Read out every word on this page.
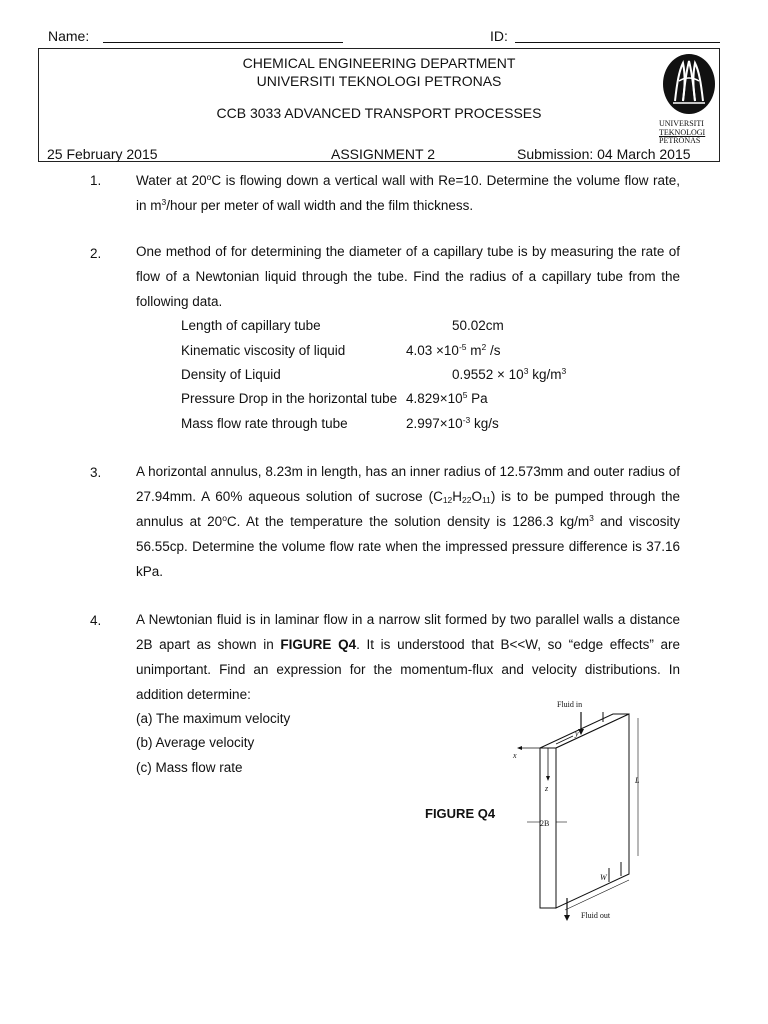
Name:	ID:
CHEMICAL ENGINEERING DEPARTMENT
UNIVERSITI TEKNOLOGI PETRONAS
CCB 3033 ADVANCED TRANSPORT PROCESSES
25 February 2015	ASSIGNMENT 2	Submission: 04 March 2015
UNIVERSITI
TEKNOLOGI
PETRONAS
1.	Water at 20$^o$C is flowing down a vertical wall with Re=10. Determine the volume flow rate, in $m^3$/hour per meter of wall width and the film thickness.

2.	One method of for determining the diameter of a capillary tube is by measuring the rate of flow of a Newtonian liquid through the tube. Find the radius of a capillary tube from the following data.

Length of capillary tube	50.02cm
Kinematic viscosity of liquid	$4.03 \times 10^{-5}$ $m^2$ /s
Density of Liquid	$0.9552 \times 10^3$ $kg/m^3$
Pressure Drop in the horizontal tube $4.829\times 10^5$ Pa
Mass flow rate through tube	$2.997\times 10^{-3}$ kg/s
3.	A horizontal annulus, 8.23m in length, has an inner radius of 12.573mm and outer radius of 27.94mm. A 60% aqueous solution of sucrose $(C_{12}H_{22}O_{11})$ is to be pumped through the annulus at 20$^o$C. At the temperature the solution density is 1286.3 $kg/m^3$ and viscosity 56.55cp. Determine the volume flow rate when the impressed pressure difference is 37.16 kPa.

4.	A Newtonian fluid is in laminar flow in a narrow slit formed by two parallel walls a distance 2B apart as shown in FIGURE Q4. It is understood that B<<W, so “edge effects” are unimportant. Find an expression for the momentum-flux and velocity distributions. In addition determine:

(a) The maximum velocity
(b) Average velocity
(c) Mass flow rate
FIGURE Q4
Fluid in
x
z
y
L
2B
W
Fluid out
